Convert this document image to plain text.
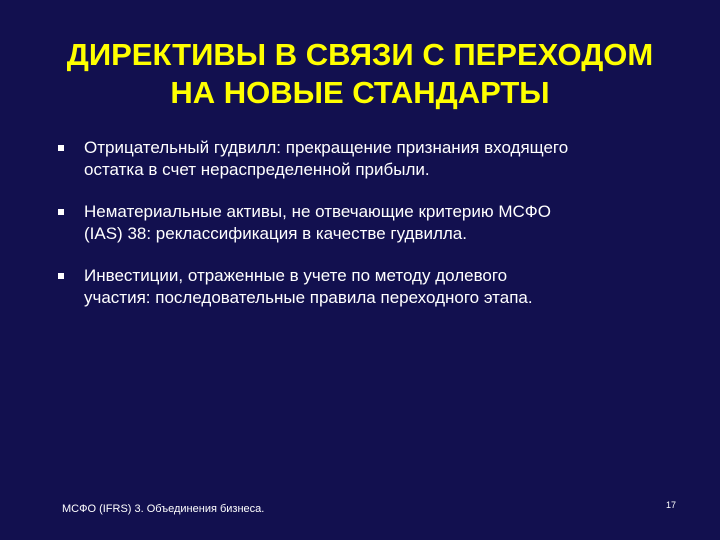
ДИРЕКТИВЫ В СВЯЗИ С ПЕРЕХОДОМ
НА НОВЫЕ СТАНДАРТЫ
Отрицательный гудвилл: прекращение признания входящего
остатка в счет нераспределенной прибыли.
Нематериальные активы, не отвечающие критерию МСФО
(IAS) 38: реклассификация в качестве гудвилла.
Инвестиции, отраженные в учете по методу долевого
участия: последовательные правила переходного этапа.
МСФО (IFRS) 3. Объединения бизнеса.	17
